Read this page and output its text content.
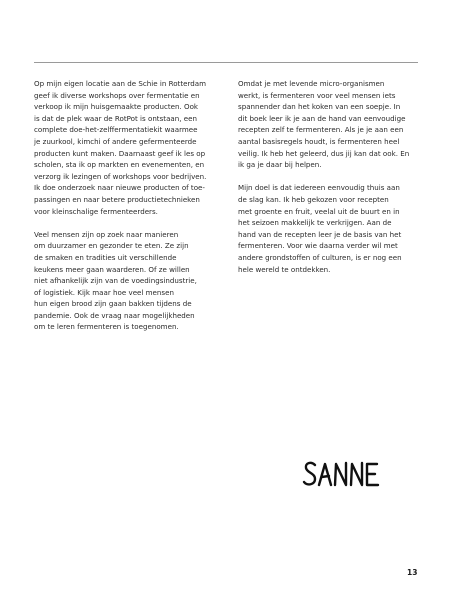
Op mijn eigen locatie aan de Schie in Rotterdam
geef ik diverse workshops over fermentatie en
verkoop ik mijn huisgemaakte producten. Ook
is dat de plek waar de RotPot is ontstaan, een
complete doe-het-zelffermentatiekit waarmee
je zuurkool, kimchi of andere gefermenteerde
producten kunt maken. Daarnaast geef ik les op
scholen, sta ik op markten en evenementen, en
verzorg ik lezingen of workshops voor bedrijven.
Ik doe onderzoek naar nieuwe producten of toe-
passingen en naar betere productietechnieken
voor kleinschalige fermenteerders.

Veel mensen zijn op zoek naar manieren
om duurzamer en gezonder te eten. Ze zijn
de smaken en tradities uit verschillende
keukens meer gaan waarderen. Of ze willen
niet afhankelijk zijn van de voedingsindustrie,
of logistiek. Kijk maar hoe veel mensen
hun eigen brood zijn gaan bakken tijdens de
pandemie. Ook de vraag naar mogelijkheden
om te leren fermenteren is toegenomen.

Omdat je met levende micro-organismen
werkt, is fermenteren voor veel mensen iets
spannender dan het koken van een soepje. In
dit boek leer ik je aan de hand van eenvoudige
recepten zelf te fermenteren. Als je je aan een
aantal basisregels houdt, is fermenteren heel
veilig. Ik heb het geleerd, dus jij kan dat ook. En
ik ga je daar bij helpen.

Mijn doel is dat iedereen eenvoudig thuis aan
de slag kan. Ik heb gekozen voor recepten
met groente en fruit, veelal uit de buurt en in
het seizoen makkelijk te verkrijgen. Aan de
hand van de recepten leer je de basis van het
fermenteren. Voor wie daarna verder wil met
andere grondstoffen of culturen, is er nog een
hele wereld te ontdekken.

13
